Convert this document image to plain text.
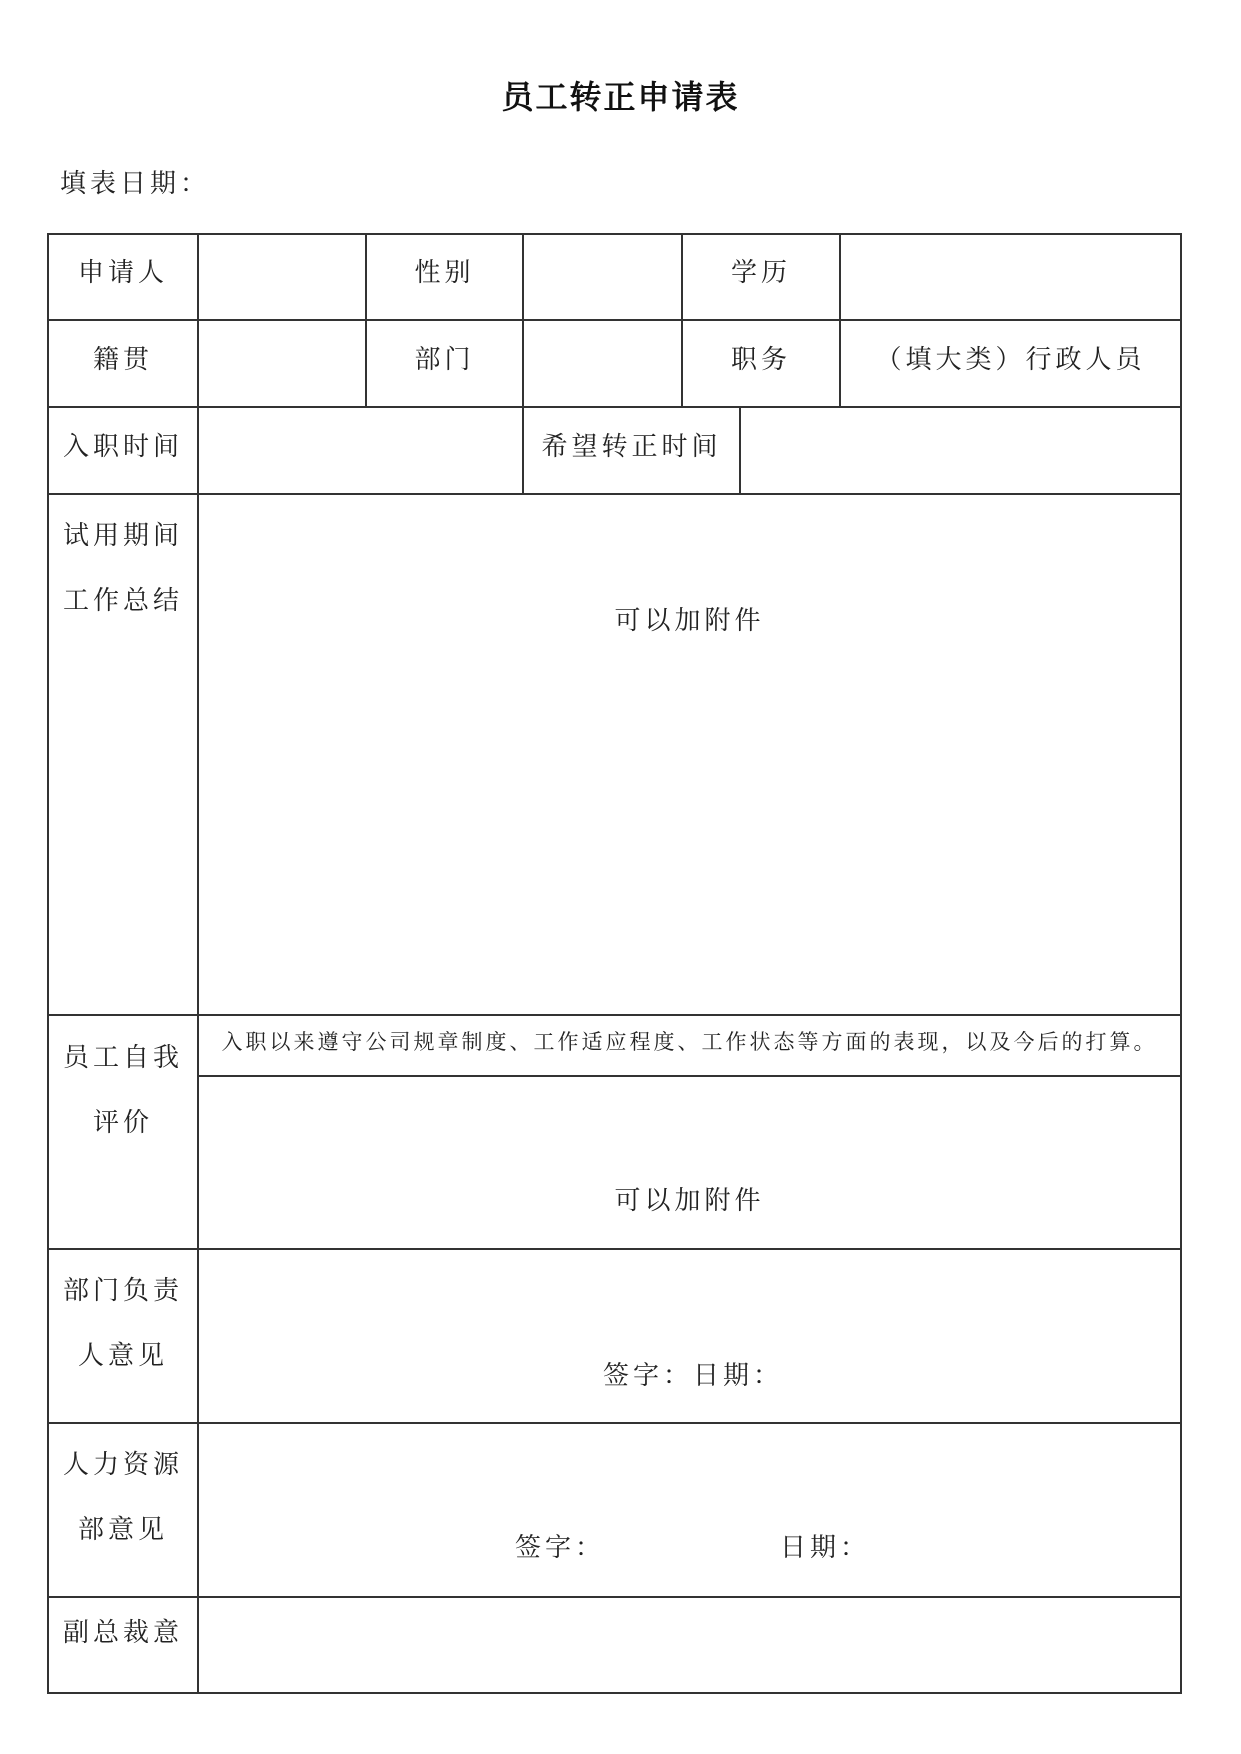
员工转正申请表
填表日期：
申请人	性别	学历
籍贯	部门	职务	（填大类）行政人员
入职时间	希望转正时间
试用期间
工作总结
可以加附件
员工自我
评价
入职以来遵守公司规章制度、工作适应程度、工作状态等方面的表现，以及今后的打算。
可以加附件
部门负责
人意见
签字：日期：
人力资源
部意见
签字：	日期：
副总裁意
